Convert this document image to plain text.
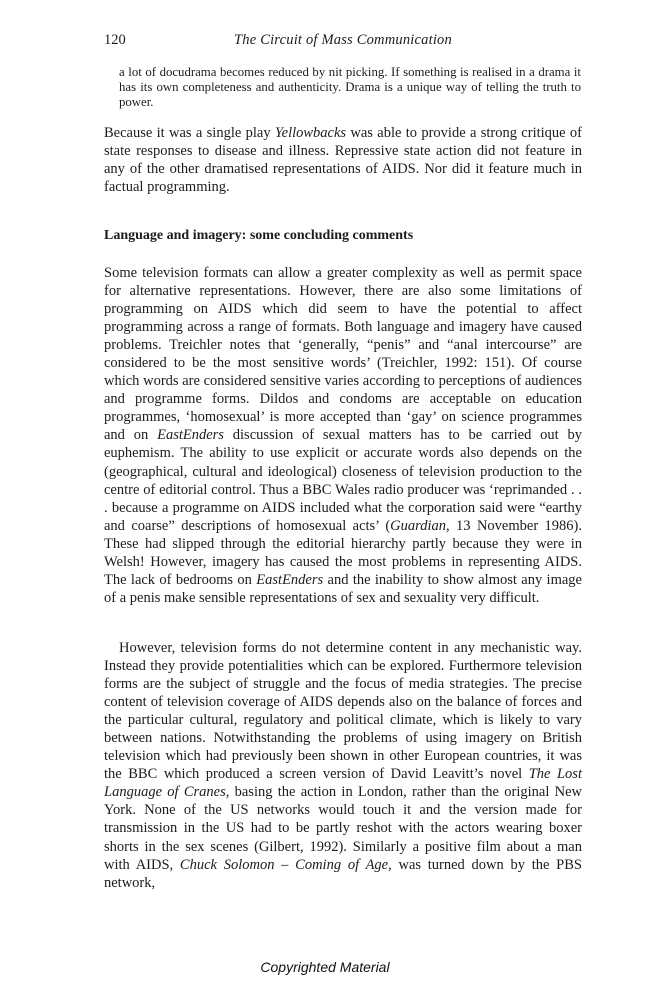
120	The Circuit of Mass Communication
a lot of docudrama becomes reduced by nit picking. If something is realised in a drama it has its own completeness and authenticity. Drama is a unique way of telling the truth to power.

Because it was a single play Yellowbacks was able to provide a strong critique of state responses to disease and illness. Repressive state action did not feature in any of the other dramatised representations of AIDS. Nor did it feature much in factual programming.

Language and imagery: some concluding comments

Some television formats can allow a greater complexity as well as permit space for alternative representations. However, there are also some limitations of programming on AIDS which did seem to have the potential to affect programming across a range of formats. Both language and imagery have caused problems. Treichler notes that ‘generally, “penis” and “anal intercourse” are considered to be the most sensitive words’ (Treichler, 1992: 151). Of course which words are considered sensitive varies according to perceptions of audiences and programme forms. Dildos and condoms are acceptable on education programmes, ‘homosexual’ is more accepted than ‘gay’ on science programmes and on EastEnders discussion of sexual matters has to be carried out by euphemism. The ability to use explicit or accurate words also depends on the (geographical, cultural and ideological) closeness of television production to the centre of editorial control. Thus a BBC Wales radio producer was ‘reprimanded . . . because a programme on AIDS included what the corporation said were “earthy and coarse” descriptions of homosexual acts’ (Guardian, 13 November 1986). These had slipped through the editorial hierarchy partly because they were in Welsh! However, imagery has caused the most problems in representing AIDS. The lack of bedrooms on EastEnders and the inability to show almost any image of a penis make sensible representations of sex and sexuality very difficult.

However, television forms do not determine content in any mechanistic way. Instead they provide potentialities which can be explored. Furthermore television forms are the subject of struggle and the focus of media strategies. The precise content of television coverage of AIDS depends also on the balance of forces and the particular cultural, regulatory and political climate, which is likely to vary between nations. Notwithstanding the problems of using imagery on British television which had previously been shown in other European countries, it was the BBC which produced a screen version of David Leavitt’s novel The Lost Language of Cranes, basing the action in London, rather than the original New York. None of the US networks would touch it and the version made for transmission in the US had to be partly reshot with the actors wearing boxer shorts in the sex scenes (Gilbert, 1992). Similarly a positive film about a man with AIDS, Chuck Solomon – Coming of Age, was turned down by the PBS network,

Copyrighted Material
